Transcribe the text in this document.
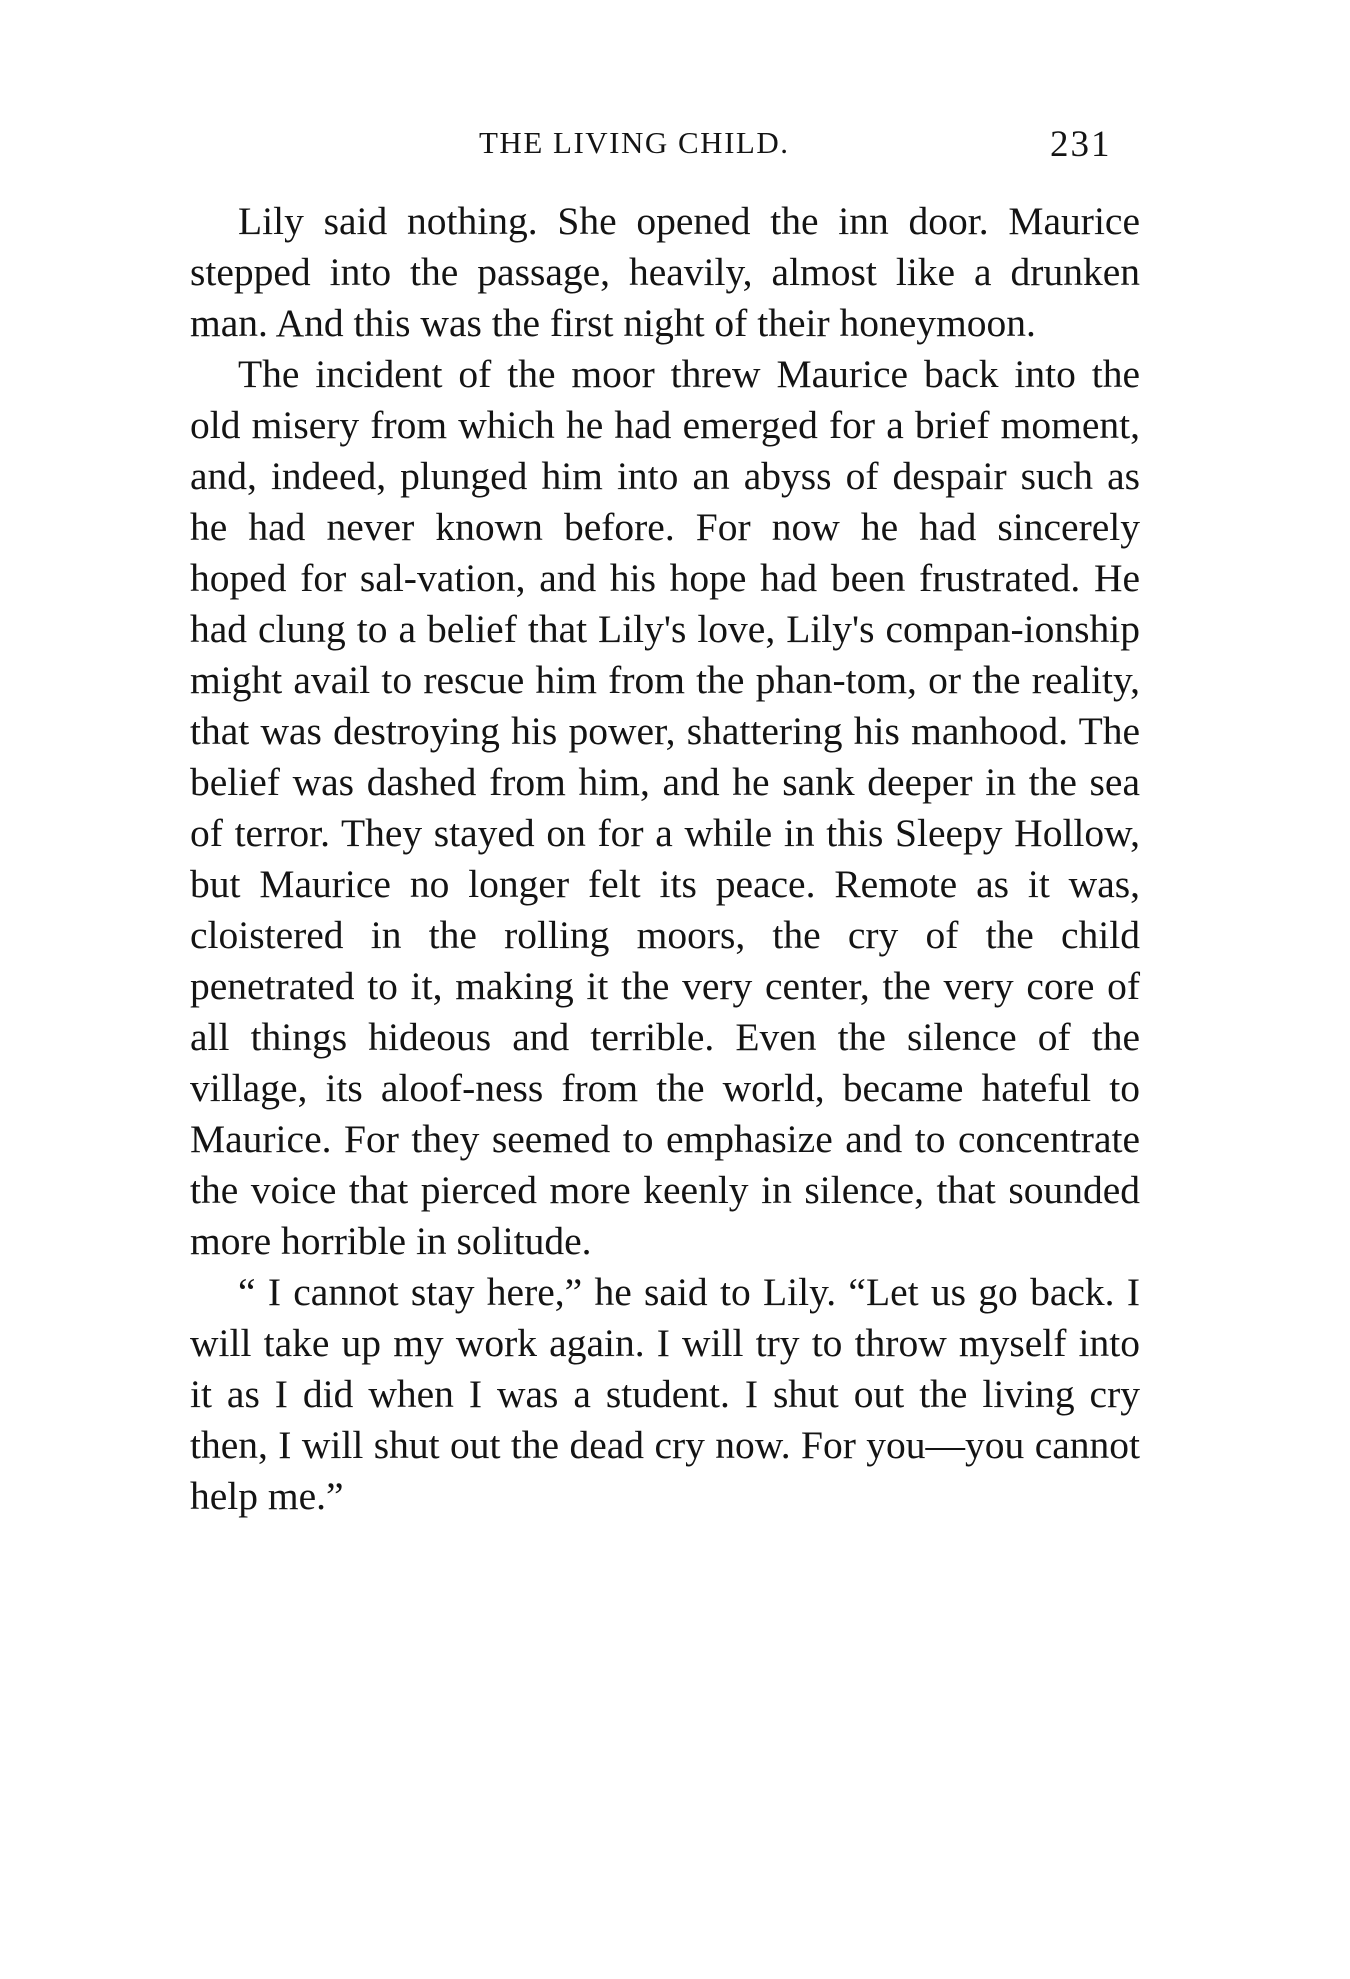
THE LIVING CHILD.	231

Lily said nothing. She opened the inn door. Maurice stepped into the passage, heavily, almost like a drunken man. And this was the first night of their honeymoon.

The incident of the moor threw Maurice back into the old misery from which he had emerged for a brief moment, and, indeed, plunged him into an abyss of despair such as he had never known before. For now he had sincerely hoped for sal-vation, and his hope had been frustrated. He had clung to a belief that Lily's love, Lily's compan-ionship might avail to rescue him from the phan-tom, or the reality, that was destroying his power, shattering his manhood. The belief was dashed from him, and he sank deeper in the sea of terror. They stayed on for a while in this Sleepy Hollow, but Maurice no longer felt its peace. Remote as it was, cloistered in the rolling moors, the cry of the child penetrated to it, making it the very center, the very core of all things hideous and terrible. Even the silence of the village, its aloof-ness from the world, became hateful to Maurice. For they seemed to emphasize and to concentrate the voice that pierced more keenly in silence, that sounded more horrible in solitude.

“ I cannot stay here,” he said to Lily. “Let us go back. I will take up my work again. I will try to throw myself into it as I did when I was a student. I shut out the living cry then, I will shut out the dead cry now. For you—you cannot help me.”
